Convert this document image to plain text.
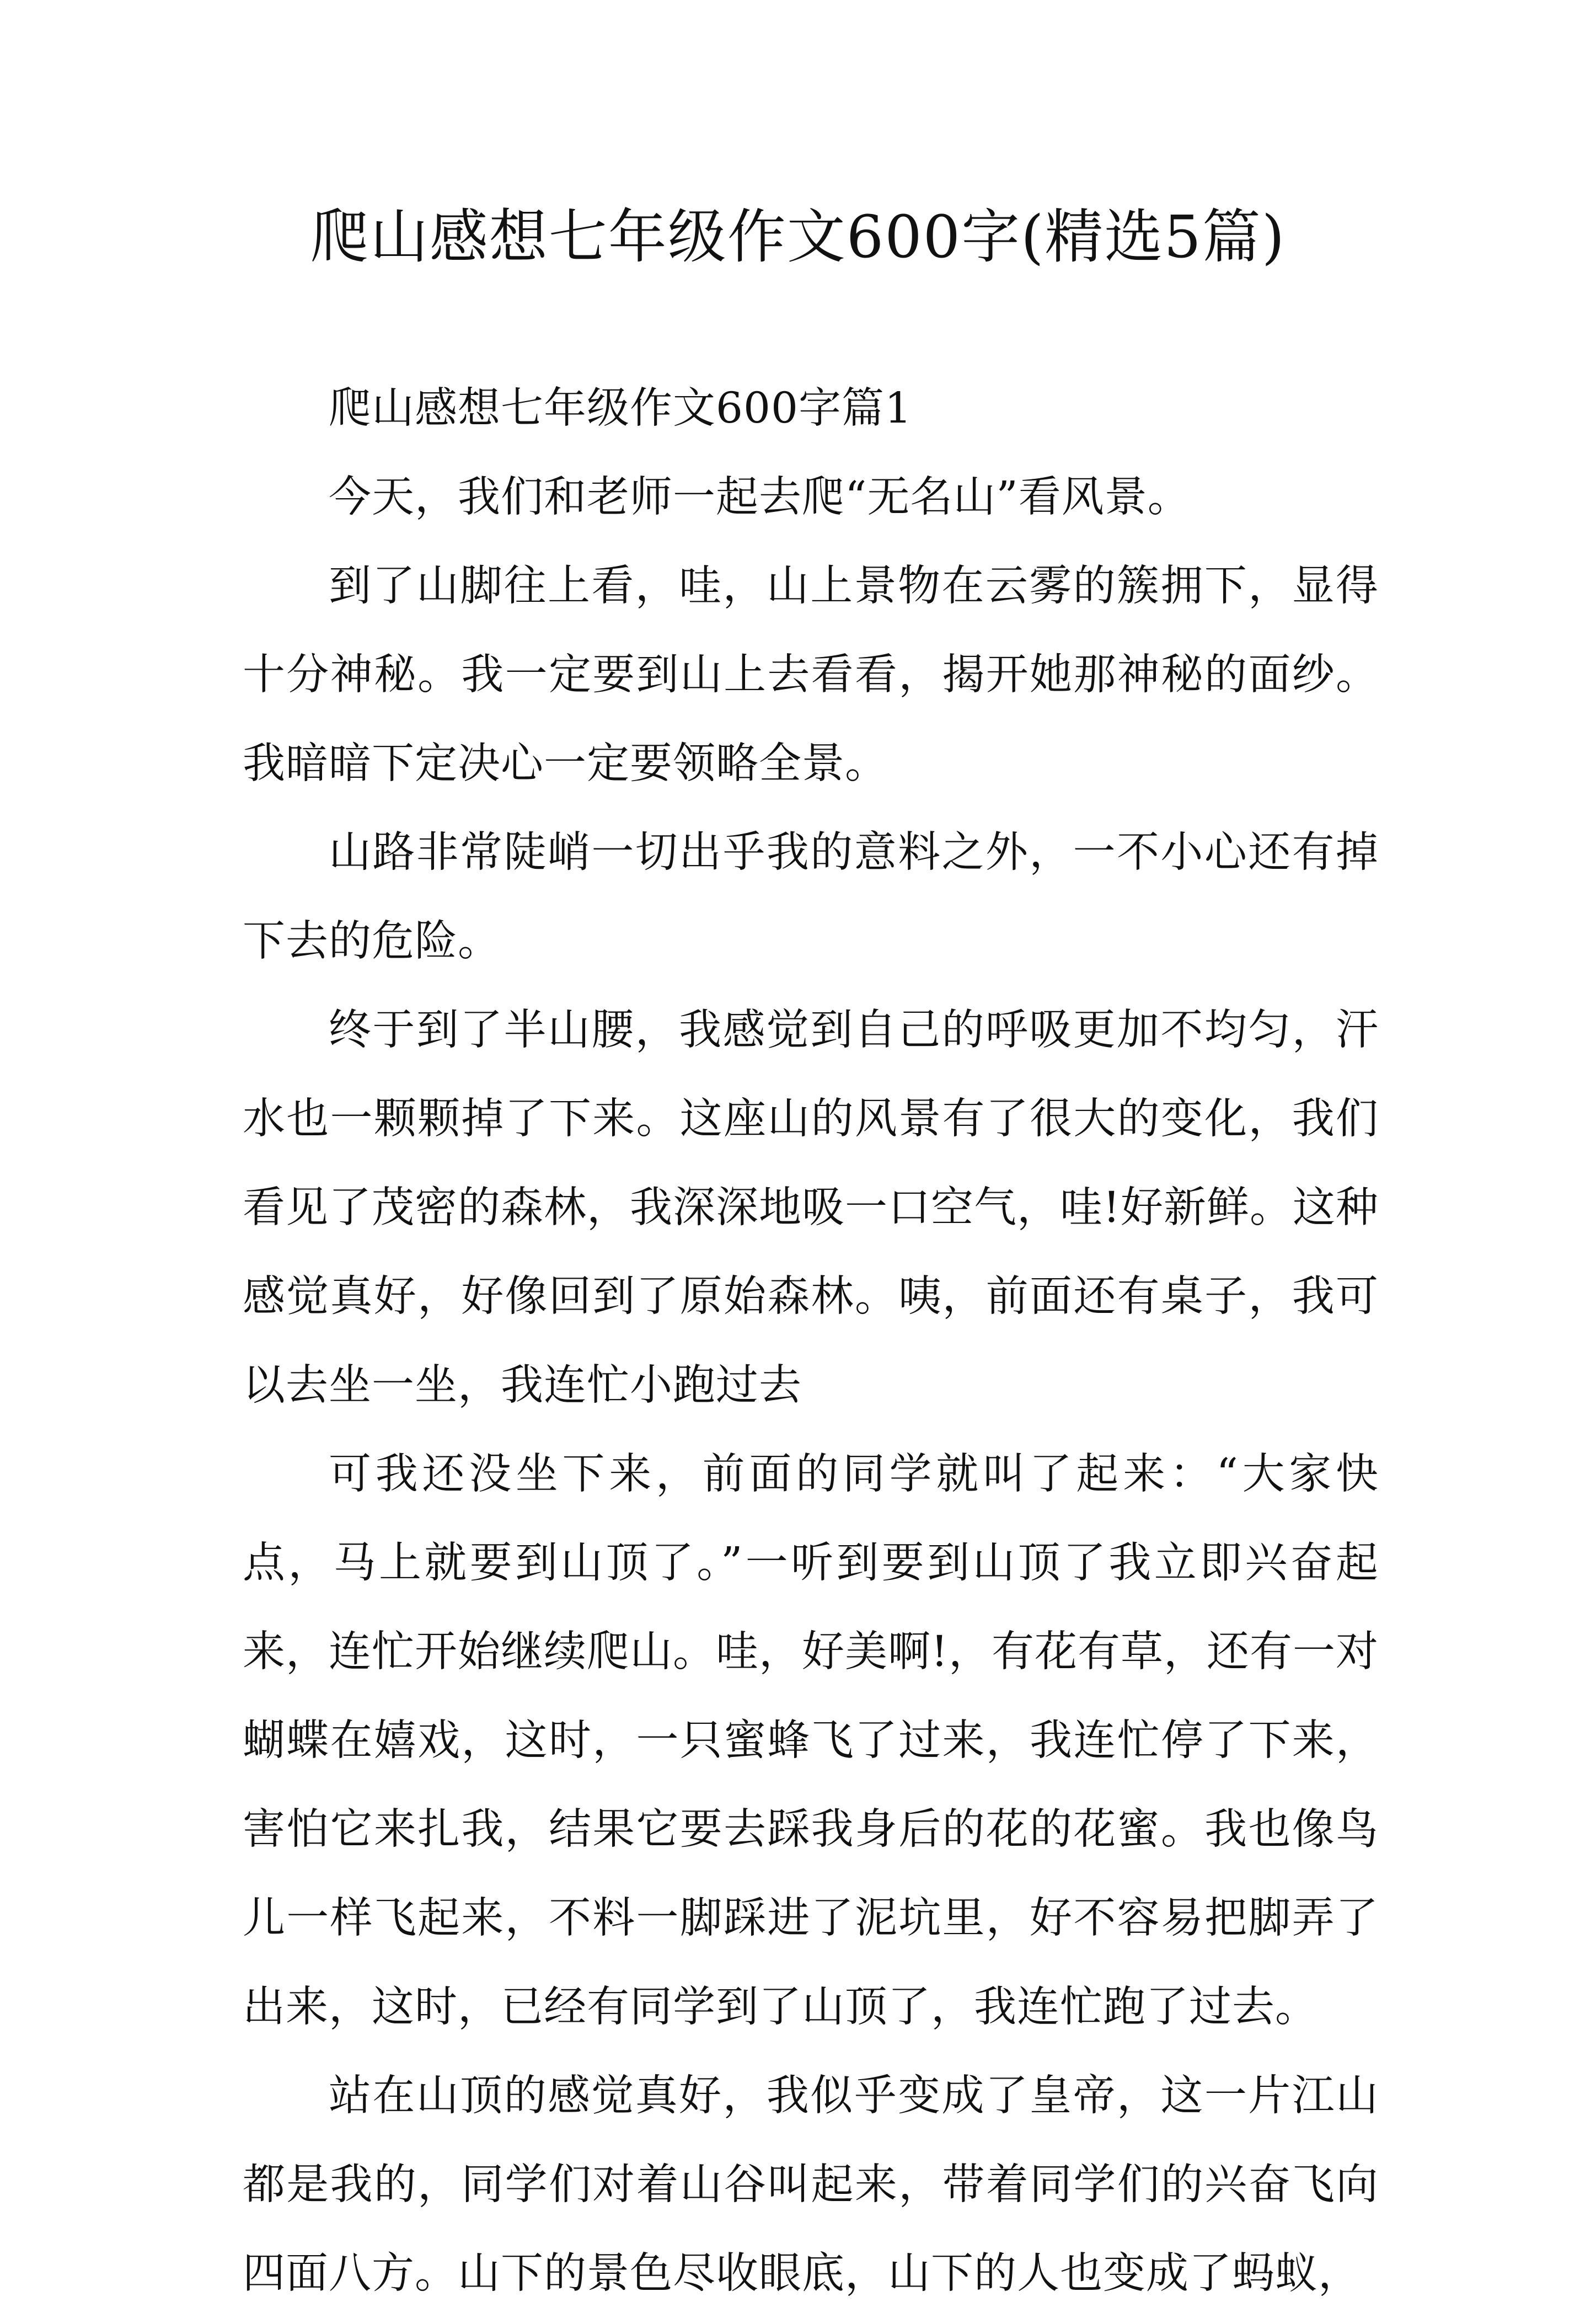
爬山感想七年级作文600字(精选5篇)

爬山感想七年级作文600字篇1

今天，我们和老师一起去爬“无名山”看风景。

到了山脚往上看，哇，山上景物在云雾的簇拥下，显得十分神秘。我一定要到山上去看看，揭开她那神秘的面纱。我暗暗下定决心一定要领略全景。

山路非常陡峭一切出乎我的意料之外，一不小心还有掉下去的危险。

终于到了半山腰，我感觉到自己的呼吸更加不均匀，汗水也一颗颗掉了下来。这座山的风景有了很大的变化，我们看见了茂密的森林，我深深地吸一口空气，哇!好新鲜。这种感觉真好，好像回到了原始森林。咦，前面还有桌子，我可以去坐一坐，我连忙小跑过去

可我还没坐下来，前面的同学就叫了起来：“大家快点，马上就要到山顶了。”一听到要到山顶了我立即兴奋起来，连忙开始继续爬山。哇，好美啊!，有花有草，还有一对蝴蝶在嬉戏，这时，一只蜜蜂飞了过来，我连忙停了下来，害怕它来扎我，结果它要去踩我身后的花的花蜜。我也像鸟儿一样飞起来，不料一脚踩进了泥坑里，好不容易把脚弄了出来，这时，已经有同学到了山顶了，我连忙跑了过去。

站在山顶的感觉真好，我似乎变成了皇帝，这一片江山都是我的，同学们对着山谷叫起来，带着同学们的兴奋飞向四面八方。山下的景色尽收眼底，山下的人也变成了蚂蚁，
